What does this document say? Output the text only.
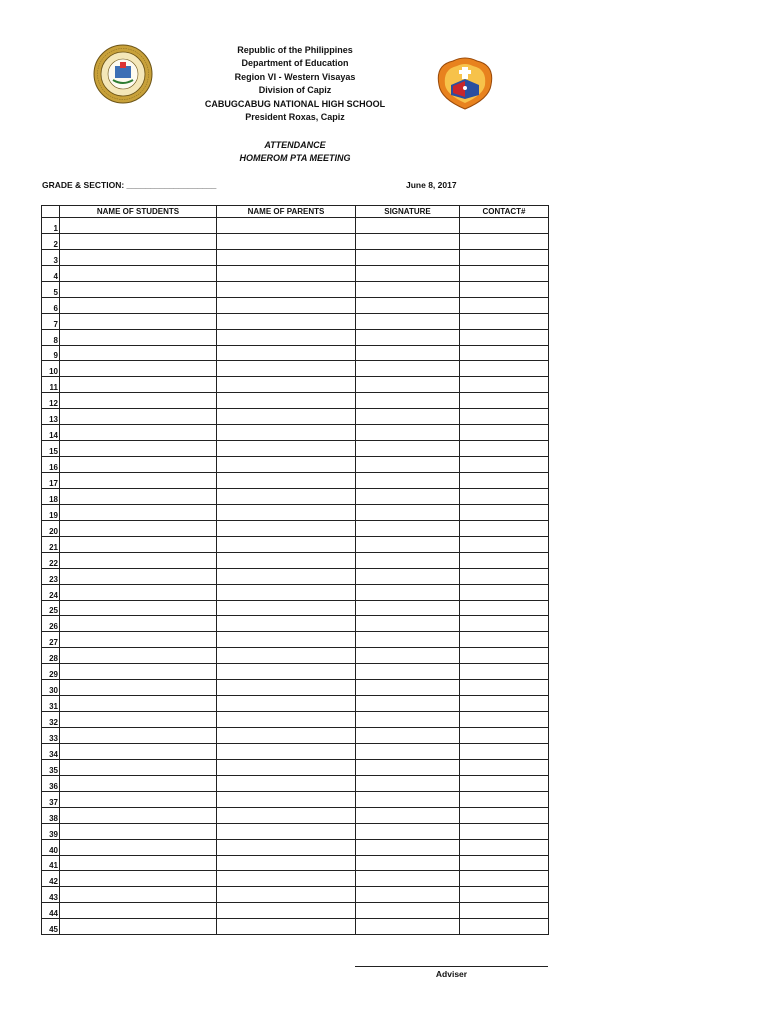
Republic of the Philippines
Department of Education
Region VI - Western Visayas
Division of Capiz
CABUGCABUG NATIONAL HIGH SCHOOL
President Roxas, Capiz
ATTENDANCE
HOMEROM PTA MEETING
GRADE & SECTION: ___________________	June 8, 2017
	NAME OF STUDENTS	NAME OF PARENTS	SIGNATURE	CONTACT#
1				
2				
3				
4				
5				
6				
7				
8				
9				
10				
11				
12				
13				
14				
15				
16				
17				
18				
19				
20				
21				
22				
23				
24				
25				
26				
27				
28				
29				
30				
31				
32				
33				
34				
35				
36				
37				
38				
39				
40				
41				
42				
43				
44				
45				
Adviser
